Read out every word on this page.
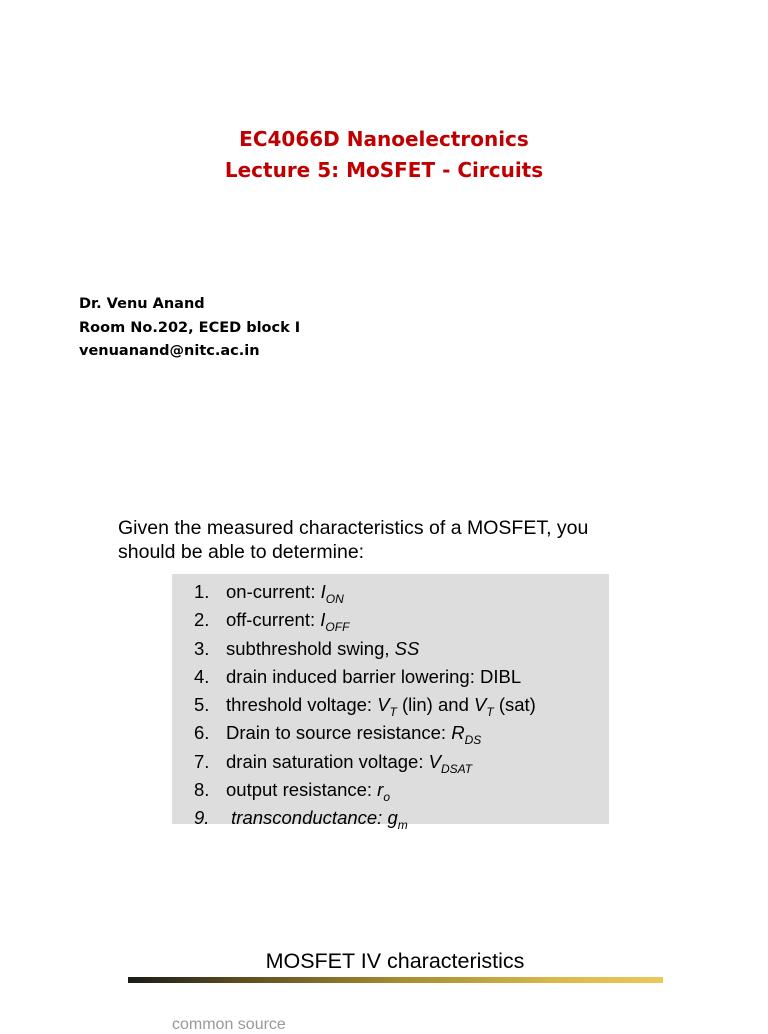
EC4066D Nanoelectronics
Lecture 5: MoSFET - Circuits
Dr. Venu Anand
Room No.202, ECED block I
venuanand@nitc.ac.in
Given the measured characteristics of a MOSFET, you
should be able to determine:
1. on-current: $I_{ON}$
2. off-current: $I_{OFF}$
3. subthreshold swing, SS
4. drain induced barrier lowering: DIBL
5. threshold voltage: $V_T$ (lin) and $V_T$ (sat)
6. Drain to source resistance: $R_{DS}$
7. drain saturation voltage: $V_{DSAT}$
8. output resistance: $r_o$
9. transconductance: $g_m$
MOSFET IV characteristics
common source
